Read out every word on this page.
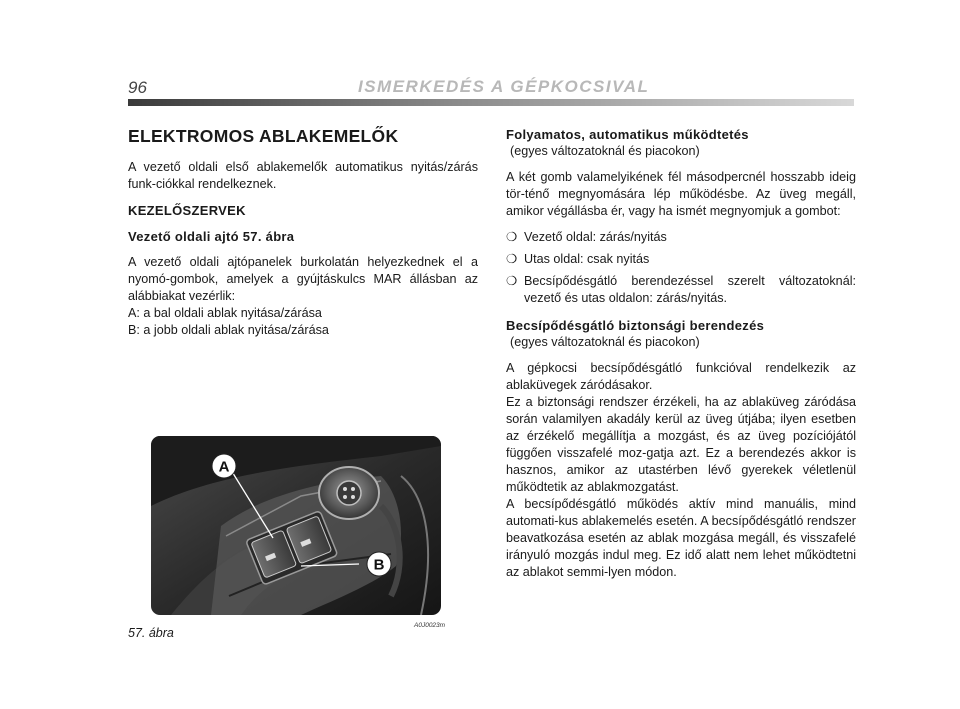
96	ISMERKEDÉS A GÉPKOCSIVAL
ELEKTROMOS ABLAKEMELŐK

A vezető oldali első ablakemelők automatikus nyitás/zárás funk-ciókkal rendelkeznek.

KEZELŐSZERVEK
Vezető oldali ajtó 57. ábra

A vezető oldali ajtópanelek burkolatán helyezkednek el a nyomó-gombok, amelyek a gyújtáskulcs MAR állásban az alábbiakat vezérlik:
A: a bal oldali ablak nyitása/zárása
B: a jobb oldali ablak nyitása/zárása

A
B
57. ábra
A0J0023m
Folyamatos, automatikus működtetés
(egyes változatoknál és piacokon)

A két gomb valamelyikének fél másodpercnél hosszabb ideig tör-ténő megnyomására lép működésbe. Az üveg megáll, amikor végállásba ér, vagy ha ismét megnyomjuk a gombot:

❍ Vezető oldal: zárás/nyitás
❍ Utas oldal: csak nyitás
❍ Becsípődésgátló berendezéssel szerelt változatoknál: vezető és utas oldalon: zárás/nyitás.
Becsípődésgátló biztonsági berendezés
(egyes változatoknál és piacokon)

A gépkocsi becsípődésgátló funkcióval rendelkezik az ablaküvegek záródásakor.
Ez a biztonsági rendszer érzékeli, ha az ablaküveg záródása során valamilyen akadály kerül az üveg útjába; ilyen esetben az érzékelő megállítja a mozgást, és az üveg pozíciójától függően visszafelé moz-gatja azt. Ez a berendezés akkor is hasznos, amikor az utastérben lévő gyerekek véletlenül működtetik az ablakmozgatást.
A becsípődésgátló működés aktív mind manuális, mind automati-kus ablakemelés esetén. A becsípődésgátló rendszer beavatkozása esetén az ablak mozgása megáll, és visszafelé irányuló mozgás indul meg. Ez idő alatt nem lehet működtetni az ablakot semmi-lyen módon.
